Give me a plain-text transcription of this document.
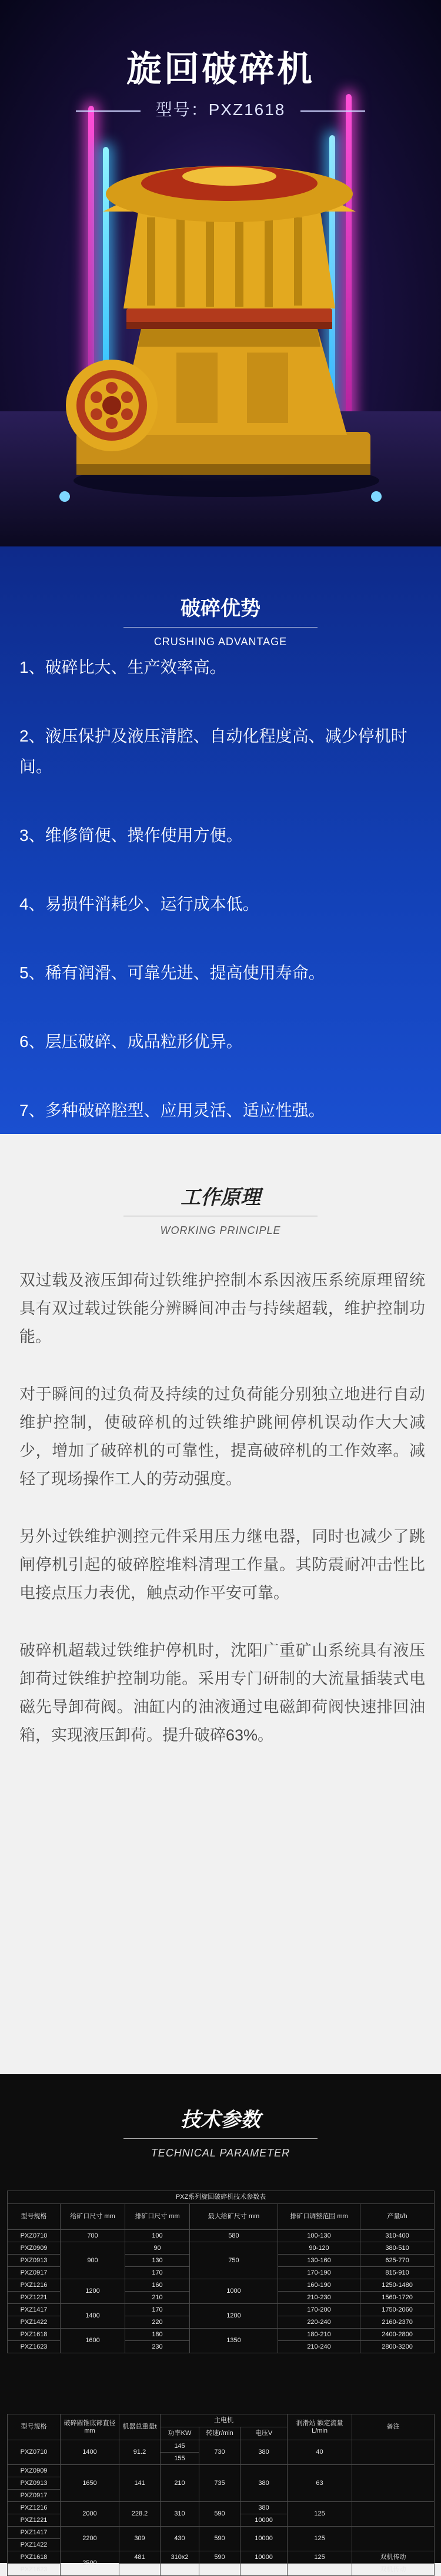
旋回破碎机
型号：PXZ1618
破碎优势
CRUSHING ADVANTAGE
1、破碎比大、生产效率高。
2、液压保护及液压清腔、自动化程度高、减少停机时间。
3、维修简便、操作使用方便。
4、易损件消耗少、运行成本低。
5、稀有润滑、可靠先进、提高使用寿命。
6、层压破碎、成品粒形优异。
7、多种破碎腔型、应用灵活、适应性强。
工作原理
WORKING PRINCIPLE

双过载及液压卸荷过铁维护控制本系因液压系统原理留统具有双过载过铁能分辨瞬间冲击与持续超载，维护控制功能。

对于瞬间的过负荷及持续的过负荷能分别独立地进行自动维护控制，使破碎机的过铁维护跳闸停机误动作大大减少，增加了破碎机的可靠性，提高破碎机的工作效率。减轻了现场操作工人的劳动强度。

另外过铁维护测控元件采用压力继电器，同时也减少了跳闸停机引起的破碎腔堆料清理工作量。其防震耐冲击性比电接点压力表优，触点动作平安可靠。

破碎机超载过铁维护停机时，沈阳广重矿山系统具有液压卸荷过铁维护控制功能。采用专门研制的大流量插装式电磁先导卸荷阀。油缸内的油液通过电磁卸荷阀快速排回油箱，实现液压卸荷。提升破碎63%。

技术参数
TECHNICAL PARAMETER
PXZ系列旋回破碎机技术参数表					
型号规格	给矿口尺寸 mm	排矿口尺寸 mm	最大给矿尺寸 mm	排矿口调整范围 mm	产量t/h
PXZ0710	700	100	580	100-130	310-400
PXZ0909	900	90	750	90-120	380-510
PXZ0913		130		130-160	625-770
PXZ0917		170		170-190	815-910
PXZ1216	1200	160	1000	160-190	1250-1480
PXZ1221		210		210-230	1560-1720
PXZ1417	1400	170	1200	170-200	1750-2060
PXZ1422		220		220-240	2160-2370
PXZ1618	1600	180	1350	180-210	2400-2800
PXZ1623		230		210-240	2800-3200
型号规格	破碎圆锥底部直径mm	机器总重量t	主电机			润滑站 额定流量L/min	备注
			功率KW	转速r/min	电压V		
PXZ0710	1400	91.2	145	730	380	40	
			155				
PXZ0909	1650	141	210	735	380	63	
PXZ0913							
PXZ0917							
PXZ1216	2000	228.2	310	590	380	125	
PXZ1221					10000		
PXZ1417	2200	309	430	590	10000	125	
PXZ1422							
PXZ1618	2500	481	310x2	590	10000	125	双机传动
PXZ1623							双机传动
